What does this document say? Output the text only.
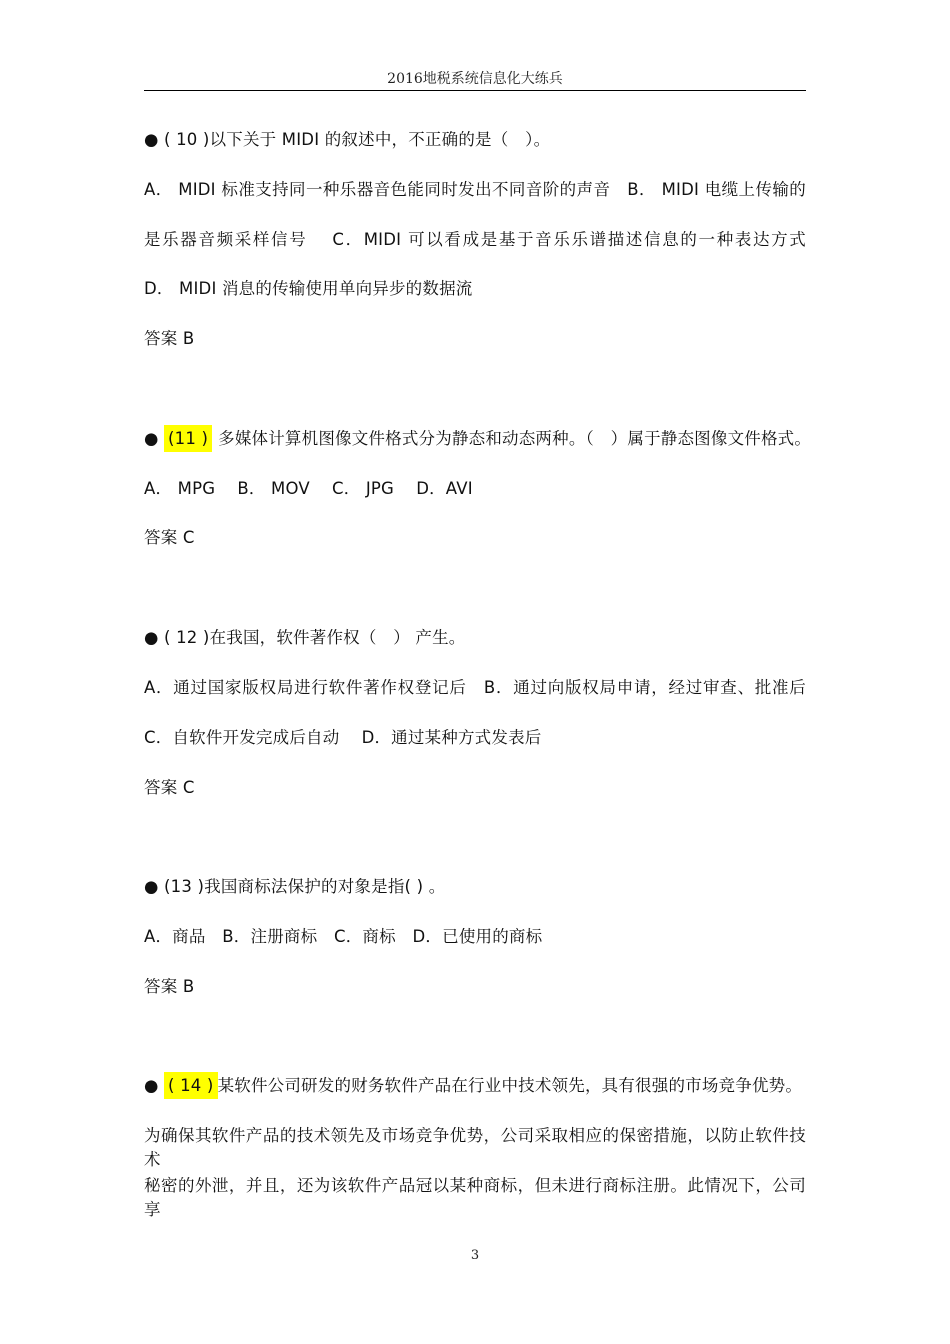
2016地税系统信息化大练兵
● ( 10 )以下关于 MIDI 的叙述中，不正确的是（　）。
A． MIDI 标准支持同一种乐器音色能同时发出不同音阶的声音　B． MIDI 电缆上传输的
是乐器音频采样信号　 C．MIDI 可以看成是基于音乐乐谱描述信息的一种表达方式
D． MIDI 消息的传输使用单向异步的数据流
答案 B
● (11 ) 多媒体计算机图像文件格式分为静态和动态两种。（　）属于静态图像文件格式。
A． MPG　 B． MOV　 C． JPG　 D．AVI
答案 C
● ( 12 )在我国，软件著作权（　） 产生。
A．通过国家版权局进行软件著作权登记后　B．通过向版权局申请，经过审查、批准后
C．自软件开发完成后自动　 D．通过某种方式发表后
答案 C
● (13 )我国商标法保护的对象是指( ) 。
A．商品　B．注册商标　C．商标　D．已使用的商标
答案 B
● ( 14 ) 某软件公司研发的财务软件产品在行业中技术领先，具有很强的市场竞争优势。
为确保其软件产品的技术领先及市场竞争优势，公司采取相应的保密措施，以防止软件技术
秘密的外泄，并且，还为该软件产品冠以某种商标，但未进行商标注册。此情况下，公司享
3
